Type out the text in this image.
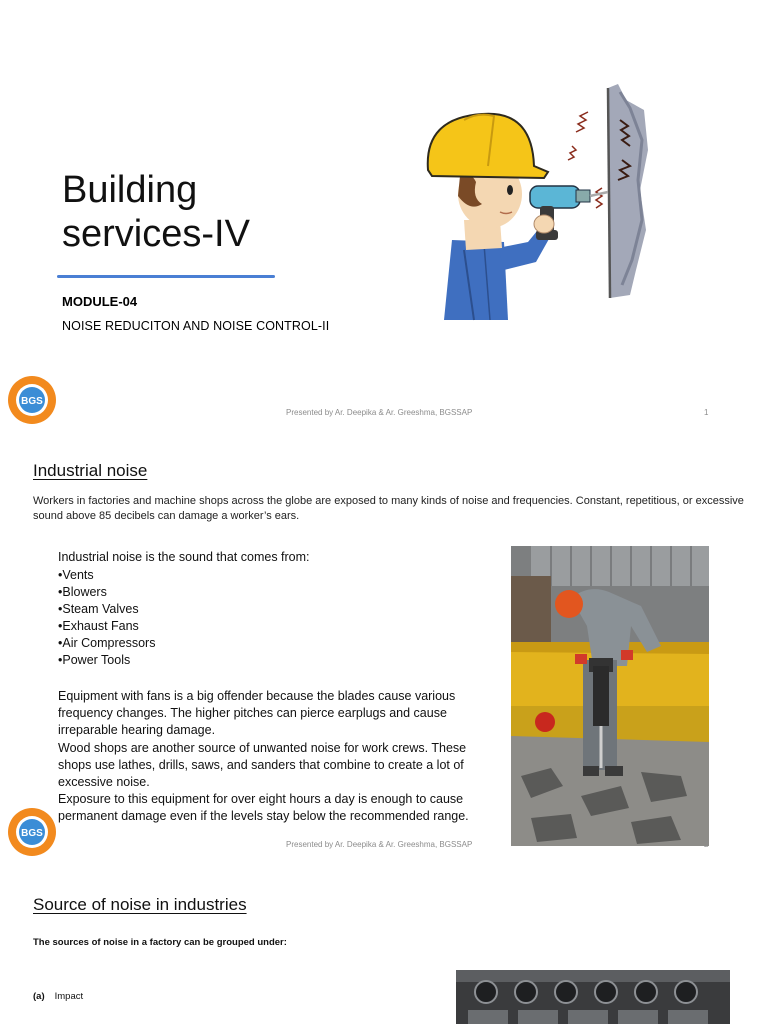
Building
services-IV
MODULE-04
NOISE REDUCITON AND NOISE CONTROL-II
BGS
Presented by Ar. Deepika & Ar. Greeshma, BGSSAP	1
Industrial noise

Workers in factories and machine shops across the globe are exposed to many kinds of noise and frequencies. Constant, repetitious, or excessive sound above 85 decibels can damage a worker’s ears.

Industrial noise is the sound that comes from:

•Vents
•Blowers
•Steam Valves
•Exhaust Fans
•Air Compressors
•Power Tools
Equipment with fans is a big offender because the blades cause various frequency changes. The higher pitches can pierce earplugs and cause irreparable hearing damage.
Wood shops are another source of unwanted noise for work crews. These shops use lathes, drills, saws, and sanders that combine to create a lot of excessive noise.
Exposure to this equipment for over eight hours a day is enough to cause permanent damage even if the levels stay below the recommended range.
BGS
Presented by Ar. Deepika & Ar. Greeshma, BGSSAP	2
Source of noise in industries

The sources of noise in a factory can be grouped under:

(a) Impact
